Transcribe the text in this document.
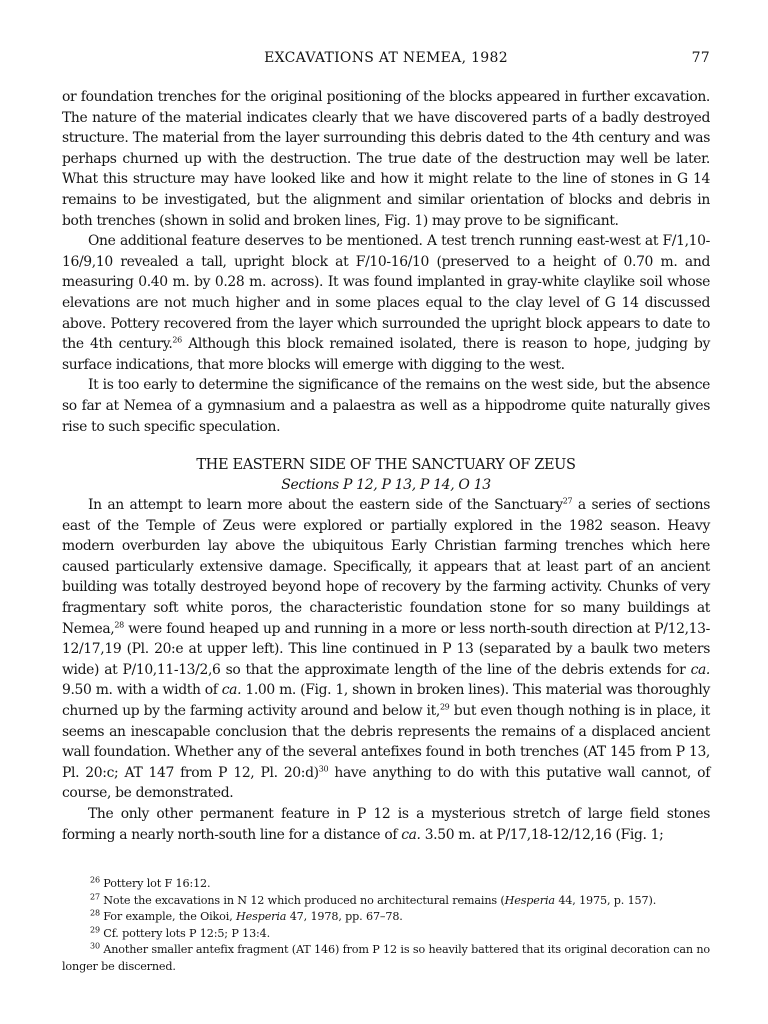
EXCAVATIONS AT NEMEA, 1982	77

or foundation trenches for the original positioning of the blocks appeared in further excavation. The nature of the material indicates clearly that we have discovered parts of a badly destroyed structure. The material from the layer surrounding this debris dated to the 4th century and was perhaps churned up with the destruction. The true date of the destruction may well be later. What this structure may have looked like and how it might relate to the line of stones in G 14 remains to be investigated, but the alignment and similar orientation of blocks and debris in both trenches (shown in solid and broken lines, Fig. 1) may prove to be significant.

One additional feature deserves to be mentioned. A test trench running east-west at F/1,10-16/9,10 revealed a tall, upright block at F/10-16/10 (preserved to a height of 0.70 m. and measuring 0.40 m. by 0.28 m. across). It was found implanted in gray-white claylike soil whose elevations are not much higher and in some places equal to the clay level of G 14 discussed above. Pottery recovered from the layer which surrounded the upright block appears to date to the 4th century.$^{26}$ Although this block remained isolated, there is reason to hope, judging by surface indications, that more blocks will emerge with digging to the west.

It is too early to determine the significance of the remains on the west side, but the absence so far at Nemea of a gymnasium and a palaestra as well as a hippodrome quite naturally gives rise to such specific speculation.

THE EASTERN SIDE OF THE SANCTUARY OF ZEUS
Sections P 12, P 13, P 14, O 13

In an attempt to learn more about the eastern side of the Sanctuary$^{27}$ a series of sections east of the Temple of Zeus were explored or partially explored in the 1982 season. Heavy modern overburden lay above the ubiquitous Early Christian farming trenches which here caused particularly extensive damage. Specifically, it appears that at least part of an ancient building was totally destroyed beyond hope of recovery by the farming activity. Chunks of very fragmentary soft white poros, the characteristic foundation stone for so many buildings at Nemea,$^{28}$ were found heaped up and running in a more or less north-south direction at P/12,13-12/17,19 (Pl. 20:e at upper left). This line continued in P 13 (separated by a baulk two meters wide) at P/10,11-13/2,6 so that the approximate length of the line of the debris extends for ca. 9.50 m. with a width of ca. 1.00 m. (Fig. 1, shown in broken lines). This material was thoroughly churned up by the farming activity around and below it,$^{29}$ but even though nothing is in place, it seems an inescapable conclusion that the debris represents the remains of a displaced ancient wall foundation. Whether any of the several antefixes found in both trenches (AT 145 from P 13, Pl. 20:c; AT 147 from P 12, Pl. 20:d)$^{30}$ have anything to do with this putative wall cannot, of course, be demonstrated.

The only other permanent feature in P 12 is a mysterious stretch of large field stones forming a nearly north-south line for a distance of ca. 3.50 m. at P/17,18-12/12,16 (Fig. 1;

$^{26}$ Pottery lot F 16:12.

$^{27}$ Note the excavations in N 12 which produced no architectural remains (Hesperia 44, 1975, p. 157).

$^{28}$ For example, the Oikoi, Hesperia 47, 1978, pp. 67–78.

$^{29}$ Cf. pottery lots P 12:5; P 13:4.

$^{30}$ Another smaller antefix fragment (AT 146) from P 12 is so heavily battered that its original decoration can no longer be discerned.
